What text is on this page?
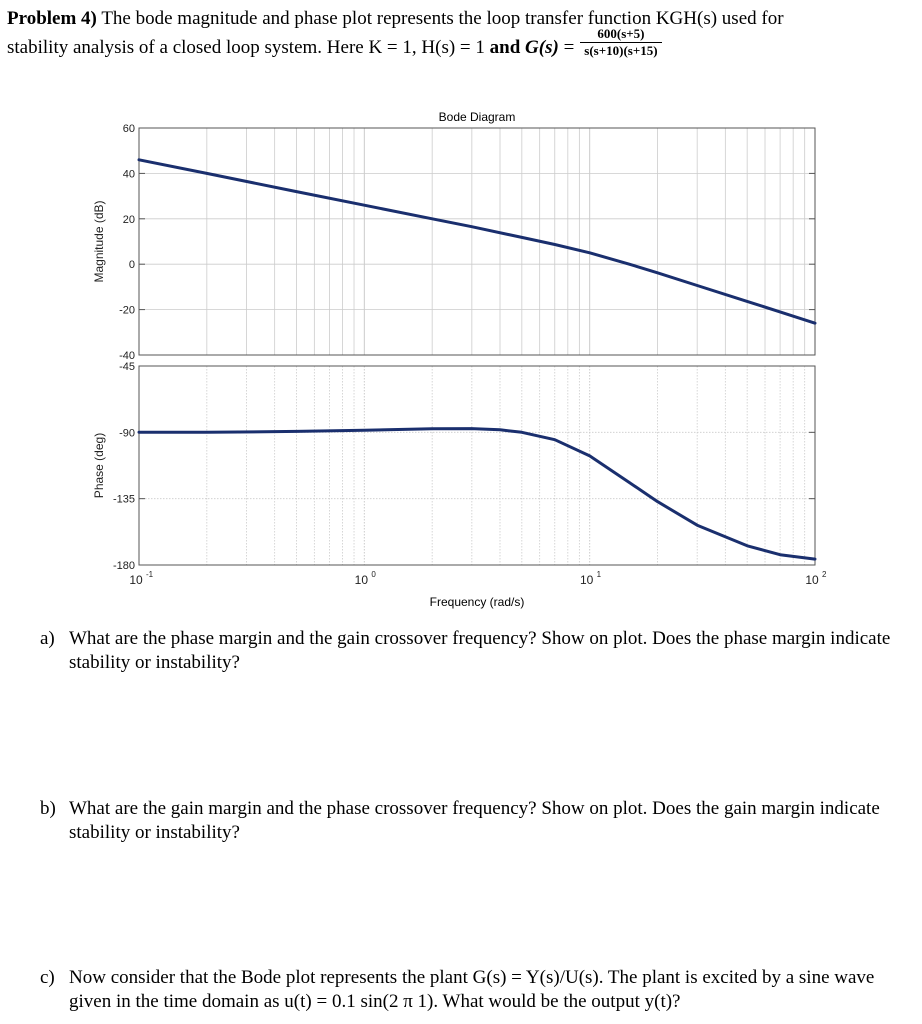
Problem 4) The bode magnitude and phase plot represents the loop transfer function KGH(s) used for
stability analysis of a closed loop system. Here K = 1, H(s) = 1 and $G(s) = \frac{600(s+5)}{s(s+10)(s+15)}$
60
40
20
0
-20
-40
Magnitude (dB)
-45
-90
-135
-180
Phase (deg)
Bode Diagram
10 -1	10 0	10 1	10 2
Frequency (rad/s)
a) What are the phase margin and the gain crossover frequency? Show on plot. Does the phase margin indicate stability or instability?
b) What are the gain margin and the phase crossover frequency? Show on plot. Does the gain margin indicate stability or instability?
c) Now consider that the Bode plot represents the plant G(s) = Y(s)/U(s). The plant is excited by a sine wave given in the time domain as u(t) = 0.1 sin(2 π 1). What would be the output y(t)?
